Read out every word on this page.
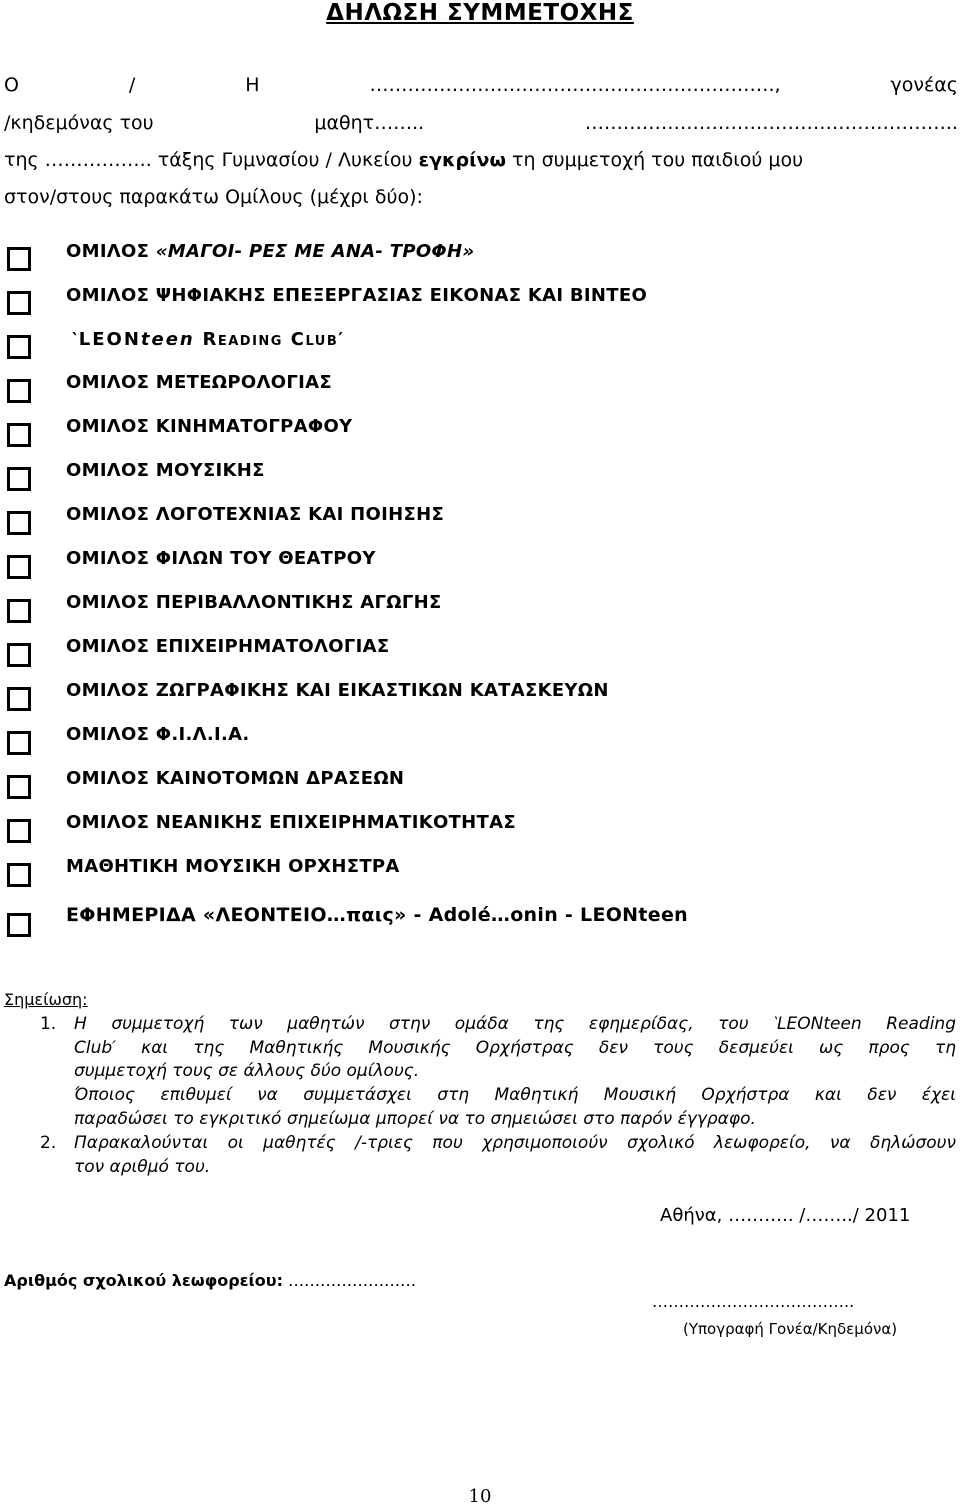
ΔΗΛΩΣΗ ΣΥΜΜΕΤΟΧΗΣ
Ο	/	Η	……………………………………………………….,	γονέας
/κηδεμόνας του	μαθητ……..	…………………………………………………..
της …………….. τάξης Γυμνασίου / Λυκείου εγκρίνω τη συμμετοχή του παιδιού μου
στον/στους παρακάτω Ομίλους (μέχρι δύο):
ΟΜΙΛΟΣ «ΜΑΓΟΙ- ΡΕΣ ΜΕ ΑΝΑ- ΤΡΟΦΗ»
ΟΜΙΛΟΣ ΨΗΦΙΑΚΗΣ ΕΠΕΞΕΡΓΑΣΙΑΣ ΕΙΚΟΝΑΣ ΚΑΙ ΒΙΝΤΕΟ
‵LEONteen Reading Club′
ΟΜΙΛΟΣ ΜΕΤΕΩΡΟΛΟΓΙΑΣ
ΟΜΙΛΟΣ ΚΙΝΗΜΑΤΟΓΡΑΦΟΥ
ΟΜΙΛΟΣ ΜΟΥΣΙΚΗΣ
ΟΜΙΛΟΣ ΛΟΓΟΤΕΧΝΙΑΣ ΚΑΙ ΠΟΙΗΣΗΣ
ΟΜΙΛΟΣ ΦΙΛΩΝ ΤΟΥ ΘΕΑΤΡΟΥ
ΟΜΙΛΟΣ ΠΕΡΙΒΑΛΛΟΝΤΙΚΗΣ ΑΓΩΓΗΣ
ΟΜΙΛΟΣ ΕΠΙΧΕΙΡΗΜΑΤΟΛΟΓΙΑΣ
ΟΜΙΛΟΣ ΖΩΓΡΑΦΙΚΗΣ ΚΑΙ ΕΙΚΑΣΤΙΚΩΝ ΚΑΤΑΣΚΕΥΩΝ
ΟΜΙΛΟΣ Φ.Ι.Λ.Ι.Α.
ΟΜΙΛΟΣ ΚΑΙΝΟΤΟΜΩΝ ΔΡΑΣΕΩΝ
ΟΜΙΛΟΣ ΝΕΑΝΙΚΗΣ ΕΠΙΧΕΙΡΗΜΑΤΙΚΟΤΗΤΑΣ
ΜΑΘΗΤΙΚΗ ΜΟΥΣΙΚΗ ΟΡΧΗΣΤΡΑ
ΕΦΗΜΕΡΙΔΑ «ΛΕΟΝΤΕΙΟ…παις» - Adolé…onin - LEONteen
Σημείωση:
1. Η συμμετοχή των μαθητών στην ομάδα της εφημερίδας, του ‵LEONteen Reading
Club′ και της Μαθητικής Μουσικής Ορχήστρας δεν τους δεσμεύει ως προς τη
συμμετοχή τους σε άλλους δύο ομίλους.
Όποιος επιθυμεί να συμμετάσχει στη Μαθητική Μουσική Ορχήστρα και δεν έχει
παραδώσει το εγκριτικό σημείωμα μπορεί να το σημειώσει στο παρόν έγγραφο.
2. Παρακαλούνται οι μαθητές /-τριες που χρησιμοποιούν σχολικό λεωφορείο, να δηλώσουν
τον αριθμό του.
Αθήνα, ……….. /……../ 2011
Αριθμός σχολικού λεωφορείου: ……………………
………………………………..
(Υπογραφή Γονέα/Κηδεμόνα)
10
